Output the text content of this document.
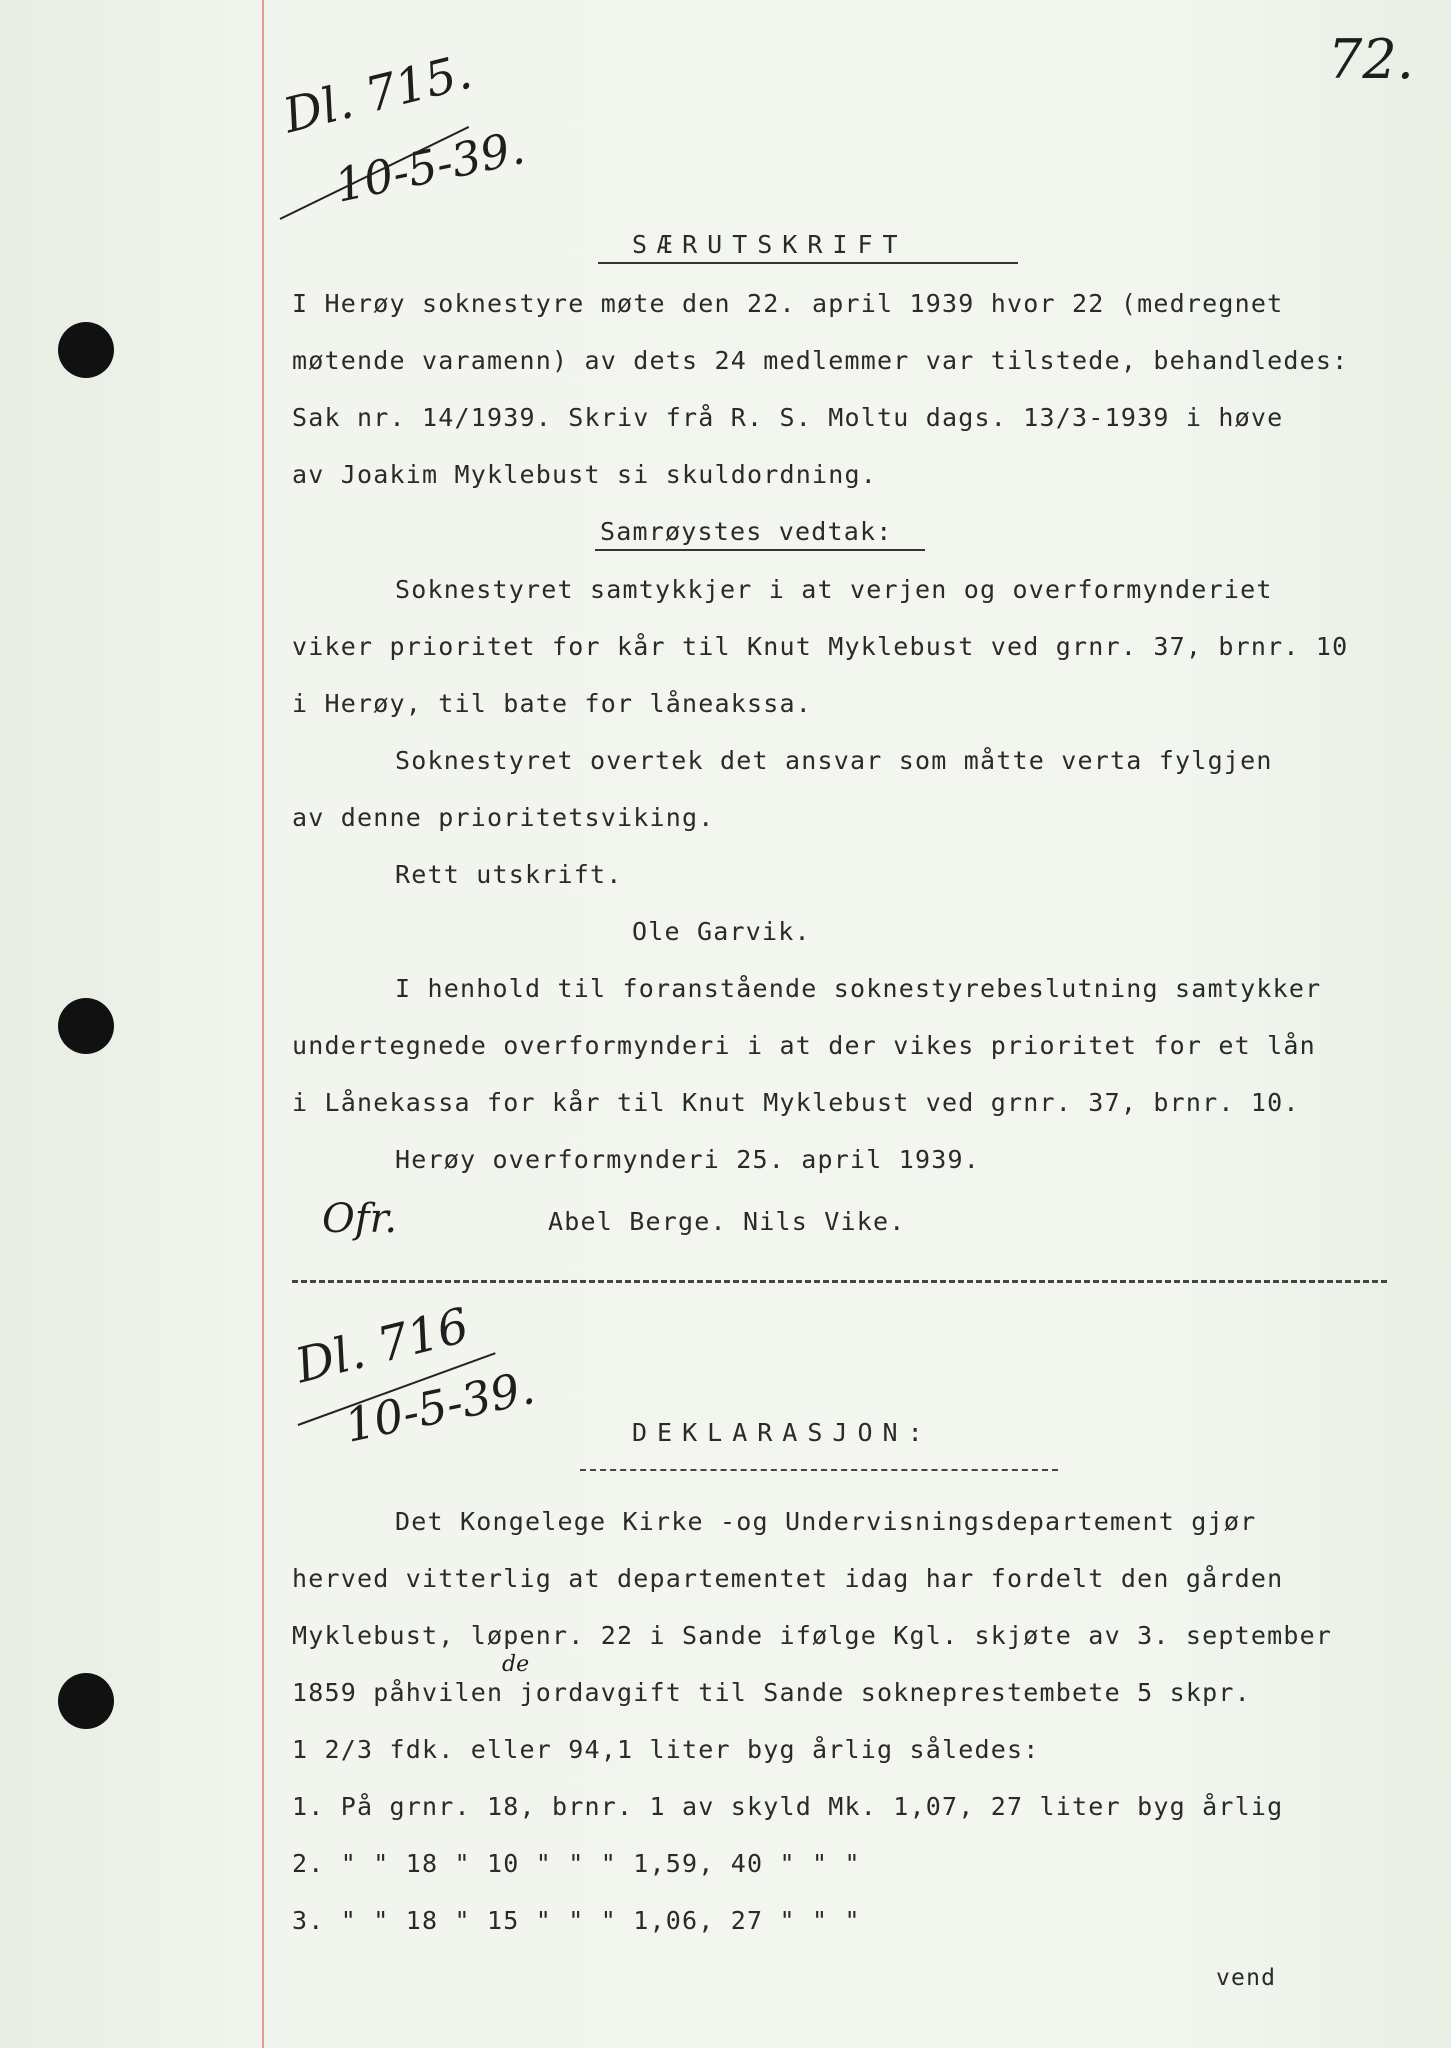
72.
Dl. 715.
10-5-39.
SÆRUTSKRIFT
I Herøy soknestyre møte den 22. april 1939 hvor 22 (medregnet
møtende varamenn) av dets 24 medlemmer var tilstede, behandledes:
Sak nr. 14/1939. Skriv frå R. S. Moltu dags. 13/3-1939 i høve
av Joakim Myklebust si skuldordning.
Samrøystes vedtak:
Soknestyret samtykkjer i at verjen og overformynderiet
viker prioritet for kår til Knut Myklebust ved grnr. 37, brnr. 10
i Herøy, til bate for låneakssa.
Soknestyret overtek det ansvar som måtte verta fylgjen
av denne prioritetsviking.
Rett utskrift.
Ole Garvik.
I henhold til foranstående soknestyrebeslutning samtykker
undertegnede overformynderi i at der vikes prioritet for et lån
i Lånekassa for kår til Knut Myklebust ved grnr. 37, brnr. 10.
Herøy overformynderi 25. april 1939.
Ofr.	Abel Berge. Nils Vike.
Dl. 716
10-5-39.	DEKLARASJON:
Det Kongelege Kirke -og Undervisningsdepartement gjør
herved vitterlig at departementet idag har fordelt den gården
Myklebust, løpenr. 22 i Sande ifølge Kgl. skjøte av 3. september
1859 påhvilen jordavgift til Sande sokneprestembete 5 skpr.
de
1 2/3 fdk. eller 94,1 liter byg årlig således:
1. På grnr. 18, brnr. 1 av skyld Mk. 1,07, 27 liter byg årlig
2. " " 18 " 10 " " " 1,59, 40 " " "
3. " " 18 " 15 " " " 1,06, 27 " " "
vend
